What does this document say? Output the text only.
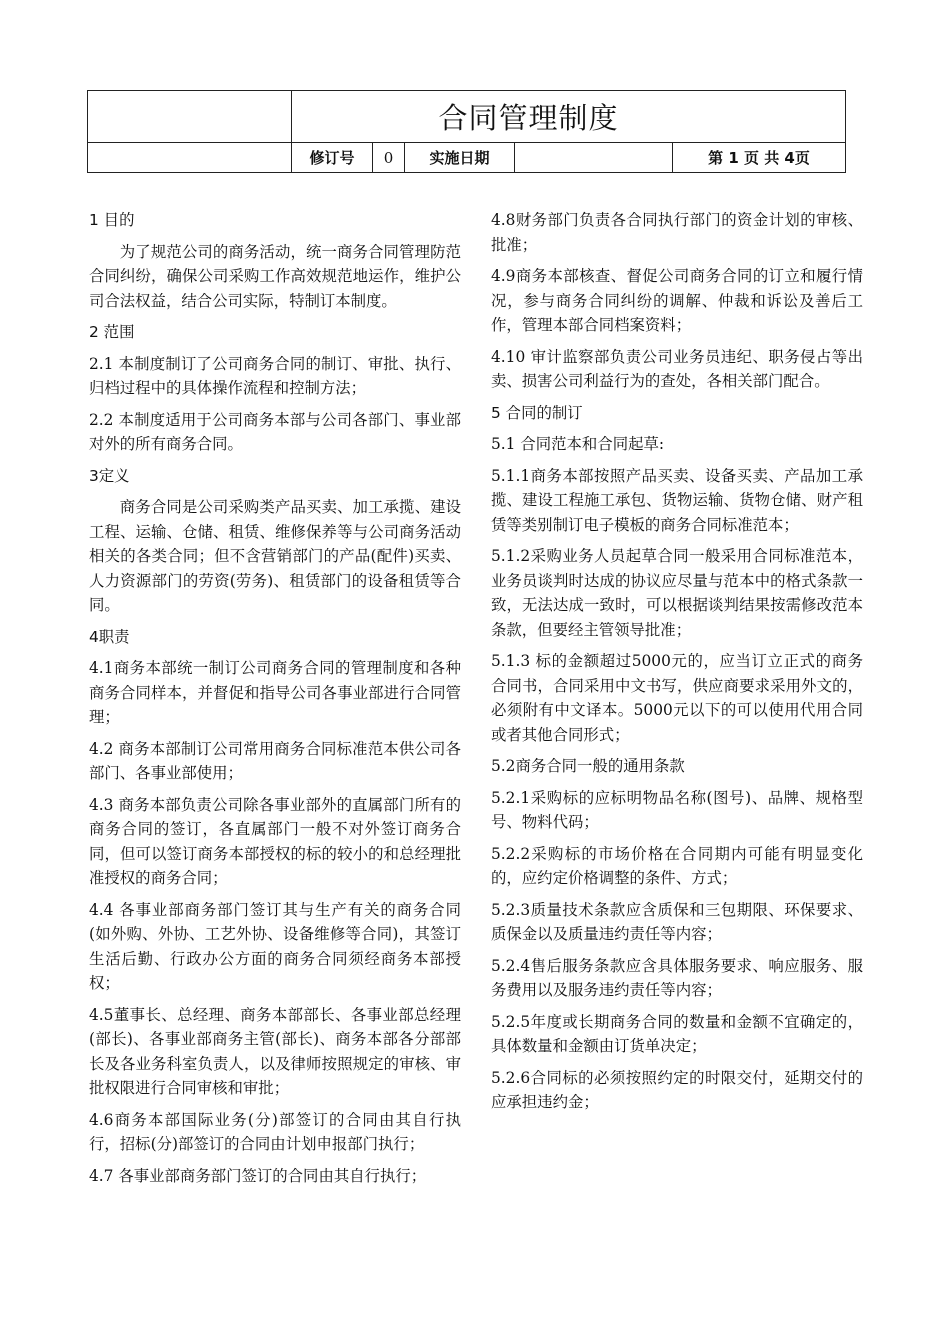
	合同管理制度				
	修订号	0	实施日期		第 1 页 共 4页

1 目的

为了规范公司的商务活动，统一商务合同管理防范合同纠纷，确保公司采购工作高效规范地运作，维护公司合法权益，结合公司实际，特制订本制度。

2 范围

2.1 本制度制订了公司商务合同的制订、审批、执行、归档过程中的具体操作流程和控制方法；

2.2 本制度适用于公司商务本部与公司各部门、事业部对外的所有商务合同。

3定义

商务合同是公司采购类产品买卖、加工承揽、建设工程、运输、仓储、租赁、维修保养等与公司商务活动相关的各类合同；但不含营销部门的产品(配件)买卖、人力资源部门的劳资(劳务)、租赁部门的设备租赁等合同。

4职责

4.1商务本部统一制订公司商务合同的管理制度和各种商务合同样本，并督促和指导公司各事业部进行合同管理；

4.2 商务本部制订公司常用商务合同标准范本供公司各部门、各事业部使用；

4.3 商务本部负责公司除各事业部外的直属部门所有的商务合同的签订，各直属部门一般不对外签订商务合同，但可以签订商务本部授权的标的较小的和总经理批准授权的商务合同；

4.4 各事业部商务部门签订其与生产有关的商务合同(如外购、外协、工艺外协、设备维修等合同)，其签订生活后勤、行政办公方面的商务合同须经商务本部授权；

4.5董事长、总经理、商务本部部长、各事业部总经理(部长)、各事业部商务主管(部长)、商务本部各分部部长及各业务科室负责人，以及律师按照规定的审核、审批权限进行合同审核和审批；

4.6商务本部国际业务(分)部签订的合同由其自行执行，招标(分)部签订的合同由计划申报部门执行；

4.7 各事业部商务部门签订的合同由其自行执行；

4.8财务部门负责各合同执行部门的资金计划的审核、批准；

4.9商务本部核查、督促公司商务合同的订立和履行情况，参与商务合同纠纷的调解、仲裁和诉讼及善后工作，管理本部合同档案资料；

4.10 审计监察部负责公司业务员违纪、职务侵占等出卖、损害公司利益行为的查处，各相关部门配合。

5 合同的制订

5.1 合同范本和合同起草:

5.1.1商务本部按照产品买卖、设备买卖、产品加工承揽、建设工程施工承包、货物运输、货物仓储、财产租赁等类别制订电子模板的商务合同标准范本；

5.1.2采购业务人员起草合同一般采用合同标准范本，业务员谈判时达成的协议应尽量与范本中的格式条款一致，无法达成一致时，可以根据谈判结果按需修改范本条款，但要经主管领导批准；

5.1.3 标的金额超过5000元的，应当订立正式的商务合同书，合同采用中文书写，供应商要求采用外文的，必须附有中文译本。5000元以下的可以使用代用合同或者其他合同形式；

5.2商务合同一般的通用条款

5.2.1采购标的应标明物品名称(图号)、品牌、规格型号、物料代码；

5.2.2采购标的市场价格在合同期内可能有明显变化的，应约定价格调整的条件、方式；

5.2.3质量技术条款应含质保和三包期限、环保要求、质保金以及质量违约责任等内容；

5.2.4售后服务条款应含具体服务要求、响应服务、服务费用以及服务违约责任等内容；

5.2.5年度或长期商务合同的数量和金额不宜确定的，具体数量和金额由订货单决定；

5.2.6合同标的必须按照约定的时限交付，延期交付的应承担违约金；
